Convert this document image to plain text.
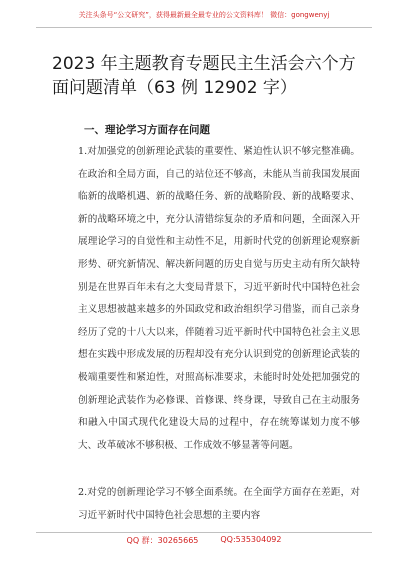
关注头条号“公文研究”，获得最新最全最专业的公文资料库！ 微信：gongwenyj
2023 年主题教育专题民主生活会六个方面问题清单（63 例 12902 字）
一、理论学习方面存在问题

1.对加强党的创新理论武装的重要性、紧迫性认识不够完整准确。在政治和全局方面，自己的站位还不够高，未能从当前我国发展面临新的战略机遇、新的战略任务、新的战略阶段、新的战略要求、新的战略环境之中，充分认清错综复杂的矛盾和问题，全面深入开展理论学习的自觉性和主动性不足，用新时代党的创新理论观察新形势、研究新情况、解决新问题的历史自觉与历史主动有所欠缺特别是在世界百年未有之大变局背景下，习近平新时代中国特色社会主义思想被越来越多的外国政党和政治组织学习借鉴，而自己亲身经历了党的十八大以来，伴随着习近平新时代中国特色社会主义思想在实践中形成发展的历程却没有充分认识到党的创新理论武装的极端重要性和紧迫性，对照高标准要求，未能时时处处把加强党的创新理论武装作为必修课、首修课、终身课，导致自己在主动服务和融入中国式现代化建设大局的过程中，存在统筹谋划力度不够大、改革破冰不够积极、工作成效不够显著等问题。

2.对党的创新理论学习不够全面系统。在全面学方面存在差距，对习近平新时代中国特色社会思想的主要内容

QQ 群：30265665	QQ:535304092
